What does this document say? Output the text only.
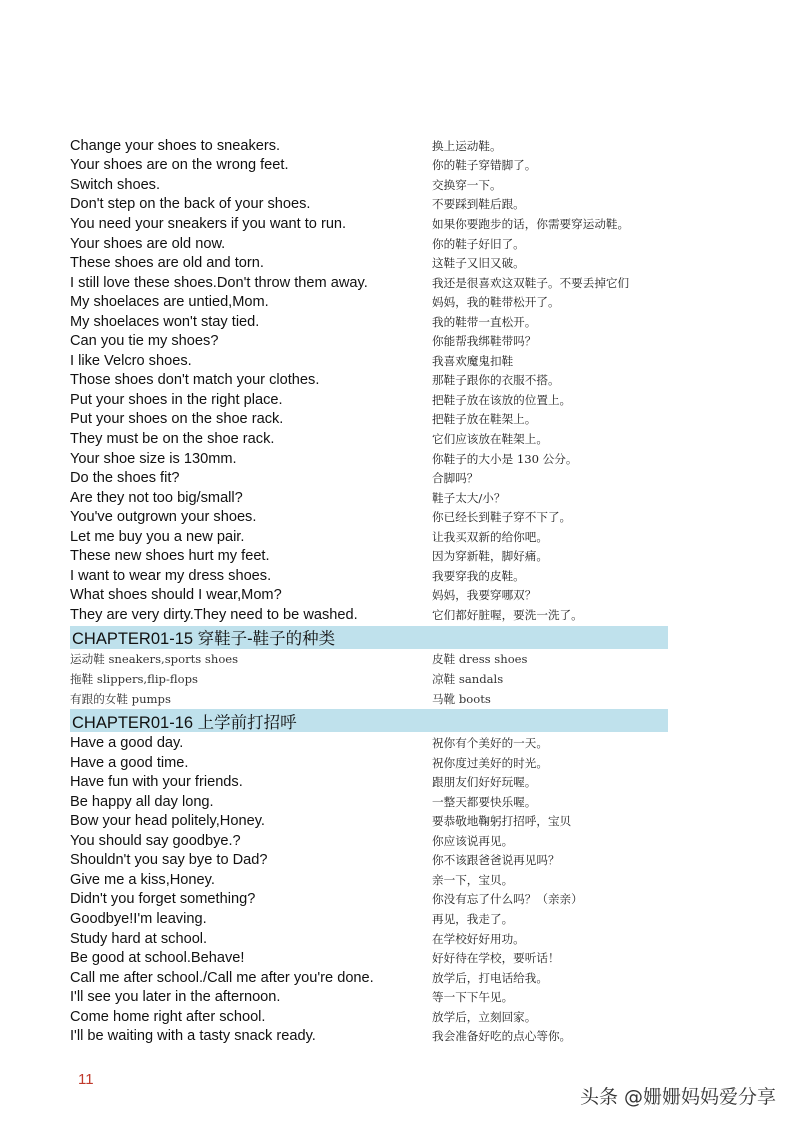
Change your shoes to sneakers.	换上运动鞋。
Your shoes are on the wrong feet.	你的鞋子穿错脚了。
Switch shoes.	交换穿一下。
Don't step on the back of your shoes.	不要踩到鞋后跟。
You need your sneakers if you want to run.	如果你要跑步的话，你需要穿运动鞋。
Your shoes are old now.	你的鞋子好旧了。
These shoes are old and torn.	这鞋子又旧又破。
I still love these shoes.Don't throw them away.	我还是很喜欢这双鞋子。不要丢掉它们
My shoelaces are untied,Mom.	妈妈，我的鞋带松开了。
My shoelaces won't stay tied.	我的鞋带一直松开。
Can you tie my shoes?	你能帮我绑鞋带吗？
I like Velcro shoes.	我喜欢魔鬼扣鞋
Those shoes don't match your clothes.	那鞋子跟你的衣服不搭。
Put your shoes in the right place.	把鞋子放在该放的位置上。
Put your shoes on the shoe rack.	把鞋子放在鞋架上。
They must be on the shoe rack.	它们应该放在鞋架上。
Your shoe size is 130mm.	你鞋子的大小是 130 公分。
Do the shoes fit?	合脚吗？
Are they not too big/small?	鞋子太大/小？
You've outgrown your shoes.	你已经长到鞋子穿不下了。
Let me buy you a new pair.	让我买双新的给你吧。
These new shoes hurt my feet.	因为穿新鞋，脚好痛。
I want to wear my dress shoes.	我要穿我的皮鞋。
What shoes should I wear,Mom?	妈妈，我要穿哪双？
They are very dirty.They need to be washed.	它们都好脏喔，要洗一洗了。
CHAPTER01-15 穿鞋子-鞋子的种类
运动鞋 sneakers,sports shoes	皮鞋 dress shoes
拖鞋 slippers,flip-flops	凉鞋 sandals
有跟的女鞋 pumps	马靴 boots
CHAPTER01-16 上学前打招呼
Have a good day.	祝你有个美好的一天。
Have a good time.	祝你度过美好的时光。
Have fun with your friends.	跟朋友们好好玩喔。
Be happy all day long.	一整天都要快乐喔。
Bow your head politely,Honey.	要恭敬地鞠躬打招呼，宝贝
You should say goodbye.?	你应该说再见。
Shouldn't you say bye to Dad?	你不该跟爸爸说再见吗？
Give me a kiss,Honey.	亲一下，宝贝。
Didn't you forget something?	你没有忘了什么吗？（亲亲）
Goodbye!I'm leaving.	再见，我走了。
Study hard at school.	在学校好好用功。
Be good at school.Behave!	好好待在学校，要听话！
Call me after school./Call me after you're done.	放学后，打电话给我。
I'll see you later in the afternoon.	等一下下午见。
Come home right after school.	放学后，立刻回家。
I'll be waiting with a tasty snack ready.	我会准备好吃的点心等你。
11
头条 @姗姗妈妈爱分享
